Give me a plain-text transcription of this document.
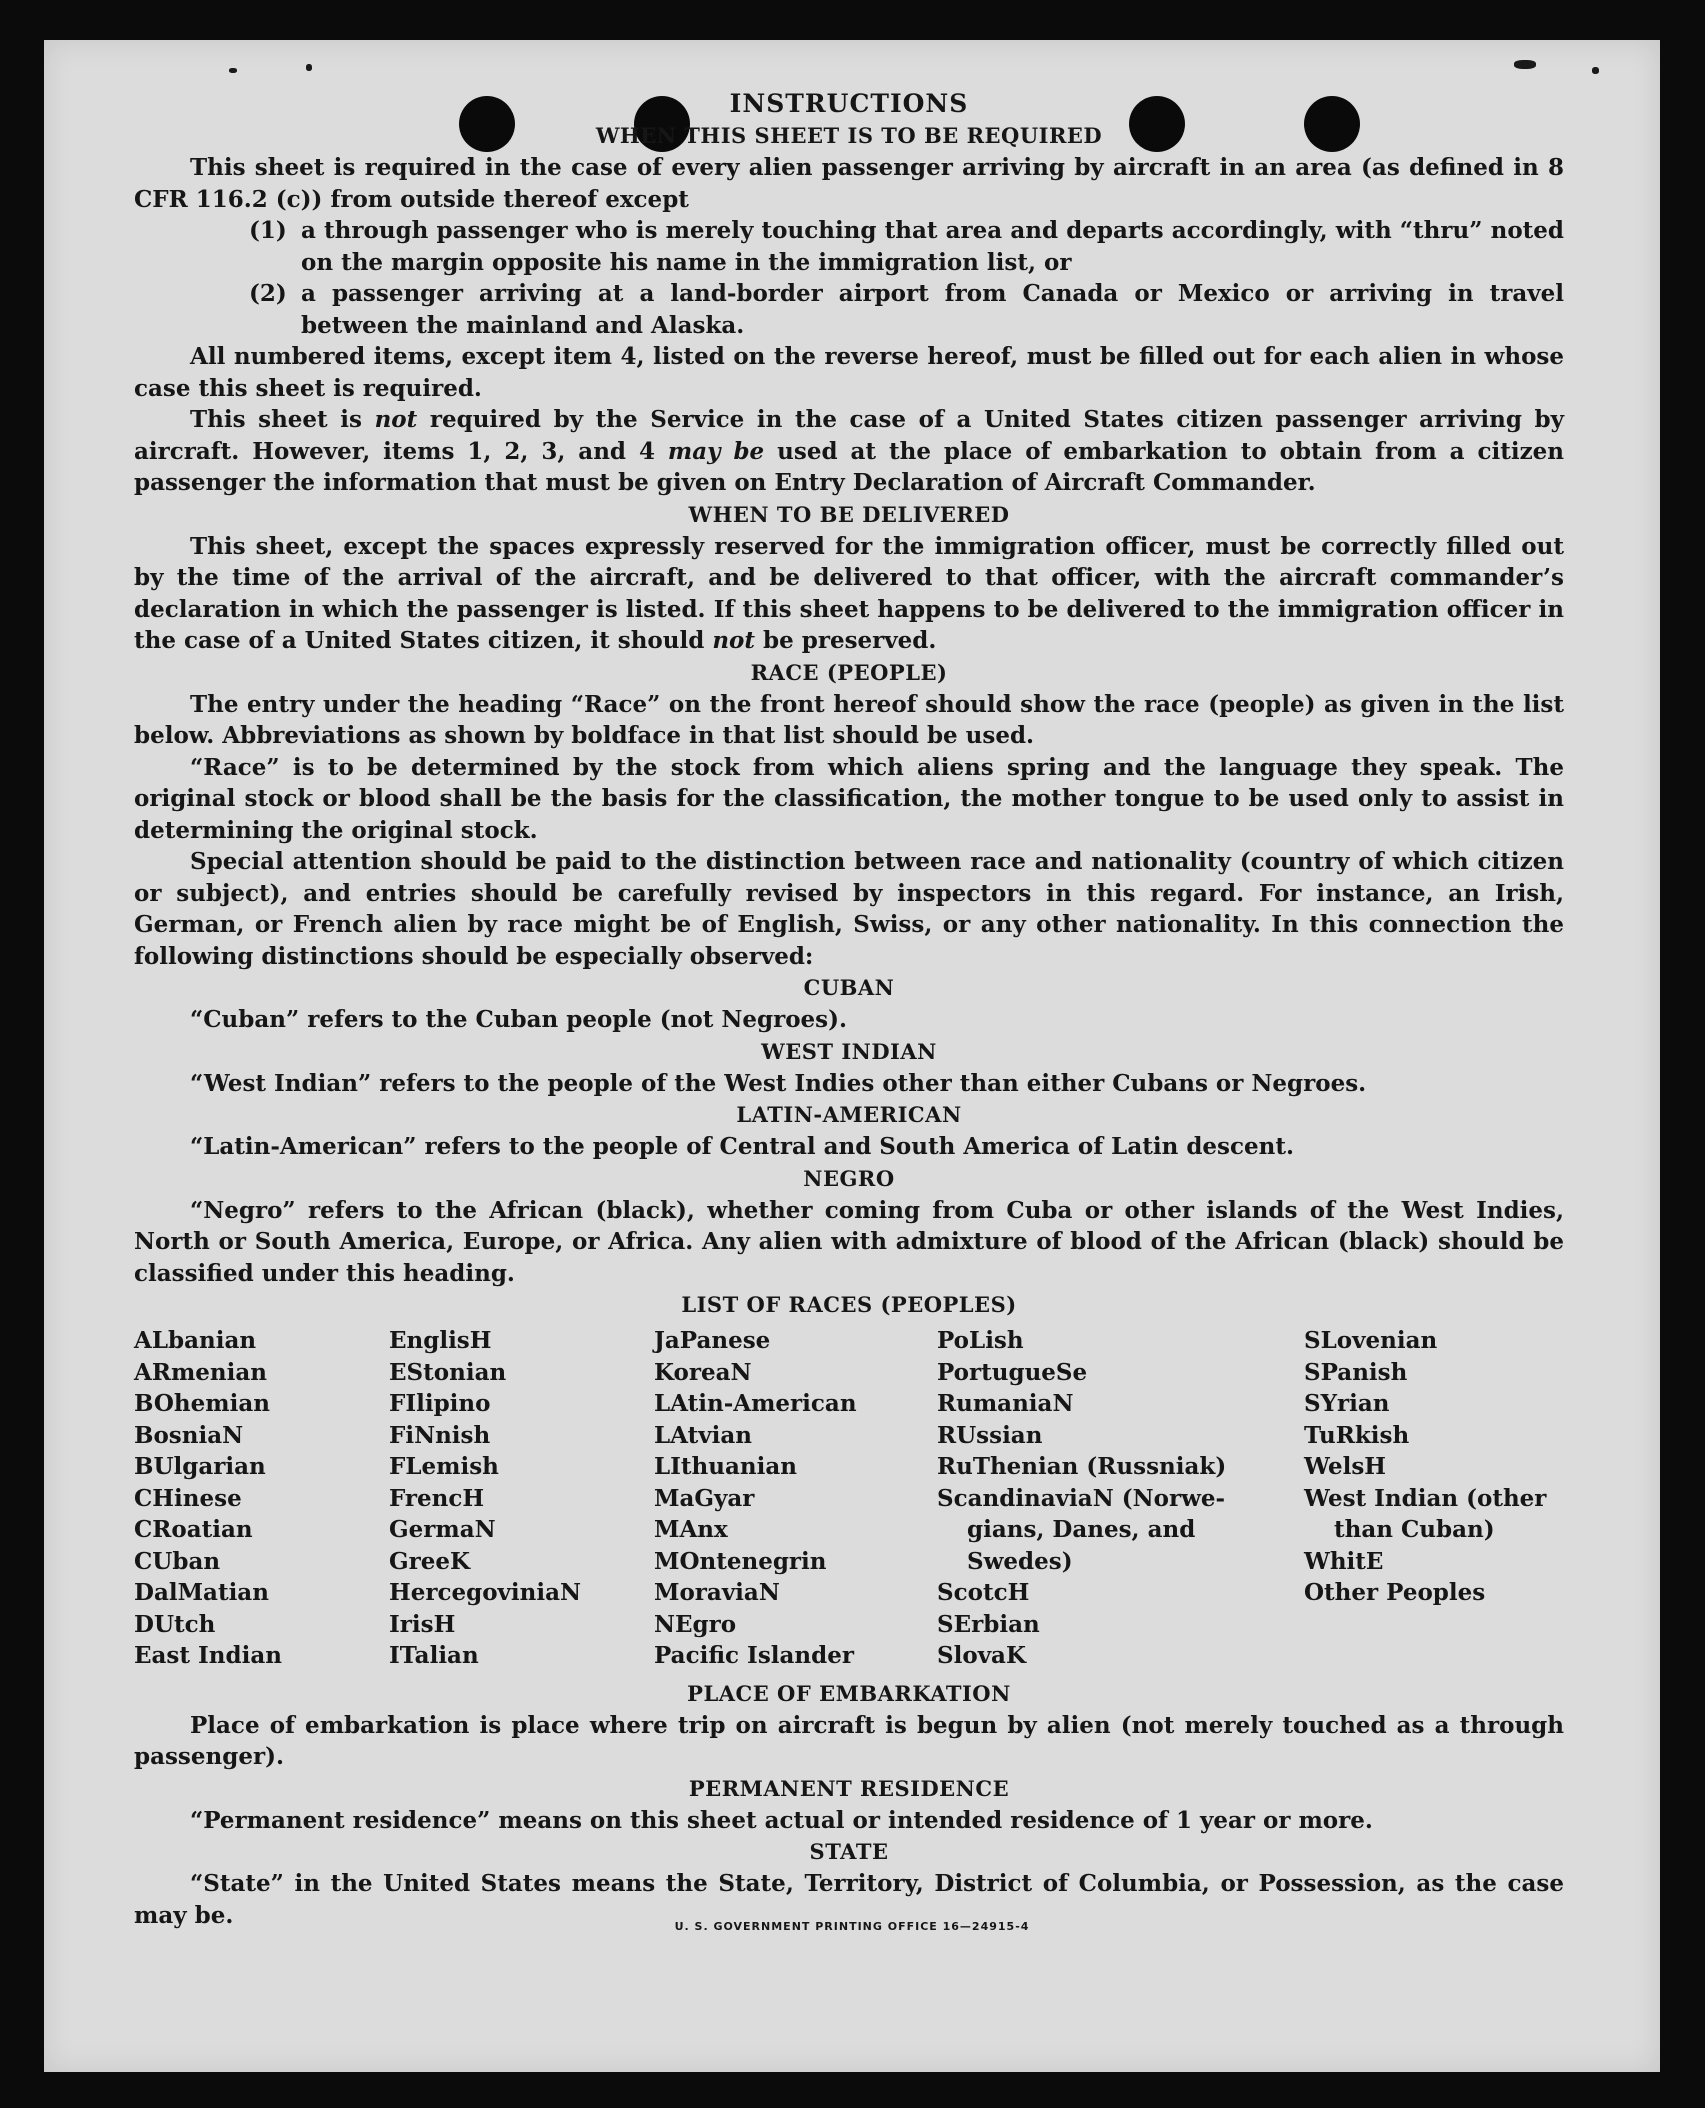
INSTRUCTIONS
WHEN THIS SHEET IS TO BE REQUIRED

This sheet is required in the case of every alien passenger arriving by aircraft in an area (as defined in 8 CFR 116.2 (c)) from outside thereof except

(1) a through passenger who is merely touching that area and departs accordingly, with “thru” noted on the margin opposite his name in the immigration list, or
(2) a passenger arriving at a land-border airport from Canada or Mexico or arriving in travel between the mainland and Alaska.

All numbered items, except item 4, listed on the reverse hereof, must be filled out for each alien in whose case this sheet is required.

This sheet is not required by the Service in the case of a United States citizen passenger arriving by aircraft. However, items 1, 2, 3, and 4 may be used at the place of embarkation to obtain from a citizen passenger the information that must be given on Entry Declaration of Aircraft Commander.

WHEN TO BE DELIVERED

This sheet, except the spaces expressly reserved for the immigration officer, must be correctly filled out by the time of the arrival of the aircraft, and be delivered to that officer, with the aircraft commander’s declaration in which the passenger is listed. If this sheet happens to be delivered to the immigration officer in the case of a United States citizen, it should not be preserved.

RACE (PEOPLE)

The entry under the heading “Race” on the front hereof should show the race (people) as given in the list below. Abbreviations as shown by boldface in that list should be used.

“Race” is to be determined by the stock from which aliens spring and the language they speak. The original stock or blood shall be the basis for the classification, the mother tongue to be used only to assist in determining the original stock.

Special attention should be paid to the distinction between race and nationality (country of which citizen or subject), and entries should be carefully revised by inspectors in this regard. For instance, an Irish, German, or French alien by race might be of English, Swiss, or any other nationality. In this connection the following distinctions should be especially observed:

CUBAN

“Cuban” refers to the Cuban people (not Negroes).

WEST INDIAN

“West Indian” refers to the people of the West Indies other than either Cubans or Negroes.

LATIN-AMERICAN

“Latin-American” refers to the people of Central and South America of Latin descent.

NEGRO

“Negro” refers to the African (black), whether coming from Cuba or other islands of the West Indies, North or South America, Europe, or Africa. Any alien with admixture of blood of the African (black) should be classified under this heading.

LIST OF RACES (PEOPLES)
ALbanian
ARmenian
BOhemian
BosniaN
BUlgarian
CHinese
CRoatian
CUban
DalMatian
DUtch
East Indian
EnglisH
EStonian
FIlipino
FiNnish
FLemish
FrencH
GermaN
GreeK
HercegoviniaN
IrisH
ITalian
JaPanese
KoreaN
LAtin-American
LAtvian
LIthuanian
MaGyar
MAnx
MOntenegrin
MoraviaN
NEgro
Pacific Islander
PoLish
PortugueSe
RumaniaN
RUssian
RuThenian (Russniak)
ScandinaviaN (Norwe-
gians, Danes, and
Swedes)
ScotcH
SErbian
SlovaK
SLovenian
SPanish
SYrian
TuRkish
WelsH
West Indian (other
than Cuban)
WhitE
Other Peoples
PLACE OF EMBARKATION

Place of embarkation is place where trip on aircraft is begun by alien (not merely touched as a through passenger).

PERMANENT RESIDENCE

“Permanent residence” means on this sheet actual or intended residence of 1 year or more.

STATE

“State” in the United States means the State, Territory, District of Columbia, or Possession, as the case may be.	U. S. GOVERNMENT PRINTING OFFICE 16—24915-4
